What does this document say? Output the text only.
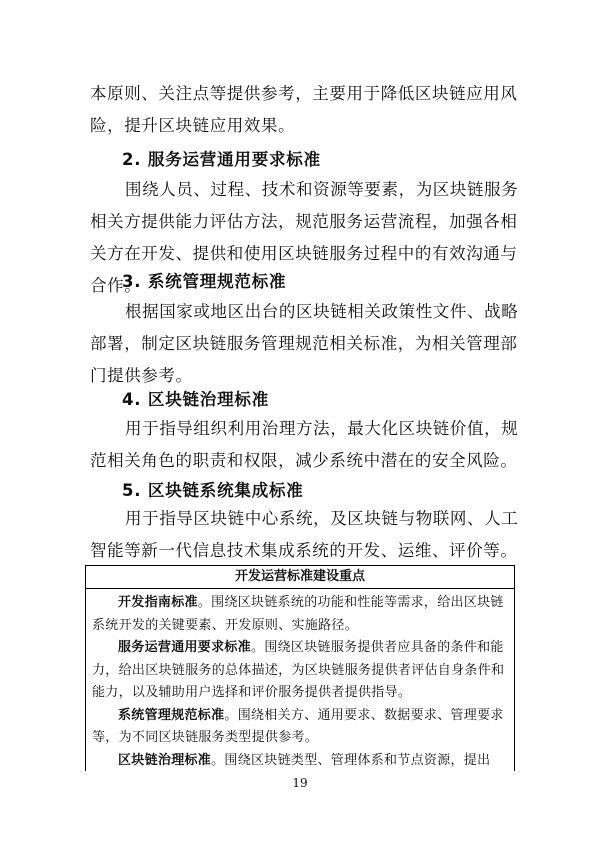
本原则、关注点等提供参考，主要用于降低区块链应用风险，提升区块链应用效果。

2. 服务运营通用要求标准

围绕人员、过程、技术和资源等要素，为区块链服务相关方提供能力评估方法，规范服务运营流程，加强各相关方在开发、提供和使用区块链服务过程中的有效沟通与合作。

3. 系统管理规范标准

根据国家或地区出台的区块链相关政策性文件、战略部署，制定区块链服务管理规范相关标准，为相关管理部门提供参考。

4. 区块链治理标准

用于指导组织利用治理方法，最大化区块链价值，规范相关角色的职责和权限，减少系统中潜在的安全风险。

5. 区块链系统集成标准

用于指导区块链中心系统，及区块链与物联网、人工智能等新一代信息技术集成系统的开发、运维、评价等。

开发运营标准建设重点

开发指南标准。围绕区块链系统的功能和性能等需求，给出区块链系统开发的关键要素、开发原则、实施路径。

服务运营通用要求标准。围绕区块链服务提供者应具备的条件和能力，给出区块链服务的总体描述，为区块链服务提供者评估自身条件和能力，以及辅助用户选择和评价服务提供者提供指导。

系统管理规范标准。围绕相关方、通用要求、数据要求、管理要求等，为不同区块链服务类型提供参考。

区块链治理标准。围绕区块链类型、管理体系和节点资源，提出

19
